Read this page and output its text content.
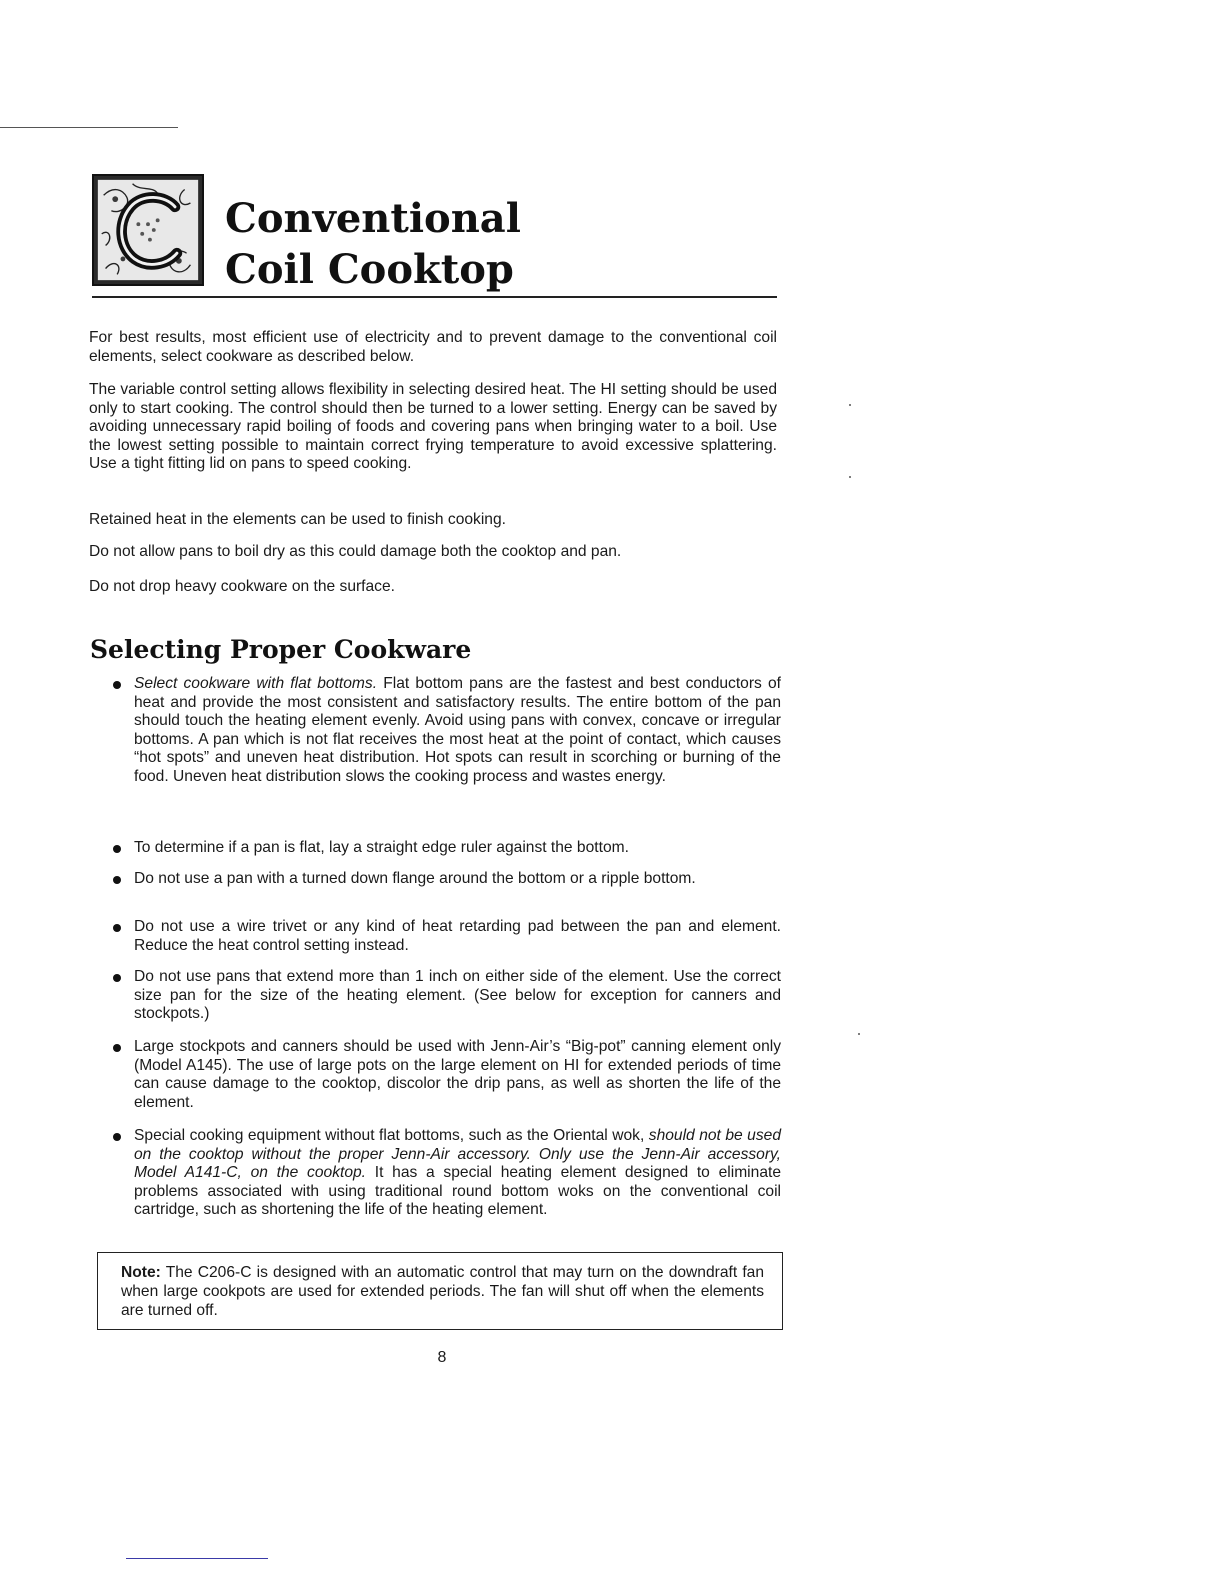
Conventional
Coil Cooktop

For best results, most efficient use of electricity and to prevent damage to the conventional coil elements, select cookware as described below.

The variable control setting allows flexibility in selecting desired heat. The HI setting should be used only to start cooking. The control should then be turned to a lower setting. Energy can be saved by avoiding unnecessary rapid boiling of foods and covering pans when bringing water to a boil. Use the lowest setting possible to maintain correct frying temperature to avoid excessive splattering. Use a tight fitting lid on pans to speed cooking.

Retained heat in the elements can be used to finish cooking.

Do not allow pans to boil dry as this could damage both the cooktop and pan.

Do not drop heavy cookware on the surface.

Selecting Proper Cookware

Select cookware with flat bottoms. Flat bottom pans are the fastest and best conductors of heat and provide the most consistent and satisfactory results. The entire bottom of the pan should touch the heating element evenly. Avoid using pans with convex, concave or irregular bottoms. A pan which is not flat receives the most heat at the point of contact, which causes “hot spots” and uneven heat distribution. Hot spots can result in scorching or burning of the food. Uneven heat distribution slows the cooking process and wastes energy.

To determine if a pan is flat, lay a straight edge ruler against the bottom.

Do not use a pan with a turned down flange around the bottom or a ripple bottom.

Do not use a wire trivet or any kind of heat retarding pad between the pan and element. Reduce the heat control setting instead.

Do not use pans that extend more than 1 inch on either side of the element. Use the correct size pan for the size of the heating element. (See below for exception for canners and stockpots.)

Large stockpots and canners should be used with Jenn-Air’s “Big-pot” canning element only (Model A145). The use of large pots on the large element on HI for extended periods of time can cause damage to the cooktop, discolor the drip pans, as well as shorten the life of the element.

Special cooking equipment without flat bottoms, such as the Oriental wok, should not be used on the cooktop without the proper Jenn-Air accessory. Only use the Jenn-Air accessory, Model A141-C, on the cooktop. It has a special heating element designed to eliminate problems associated with using traditional round bottom woks on the conventional coil cartridge, such as shortening the life of the heating element.

Note: The C206-C is designed with an automatic control that may turn on the downdraft fan when large cookpots are used for extended periods. The fan will shut off when the elements are turned off.

8
